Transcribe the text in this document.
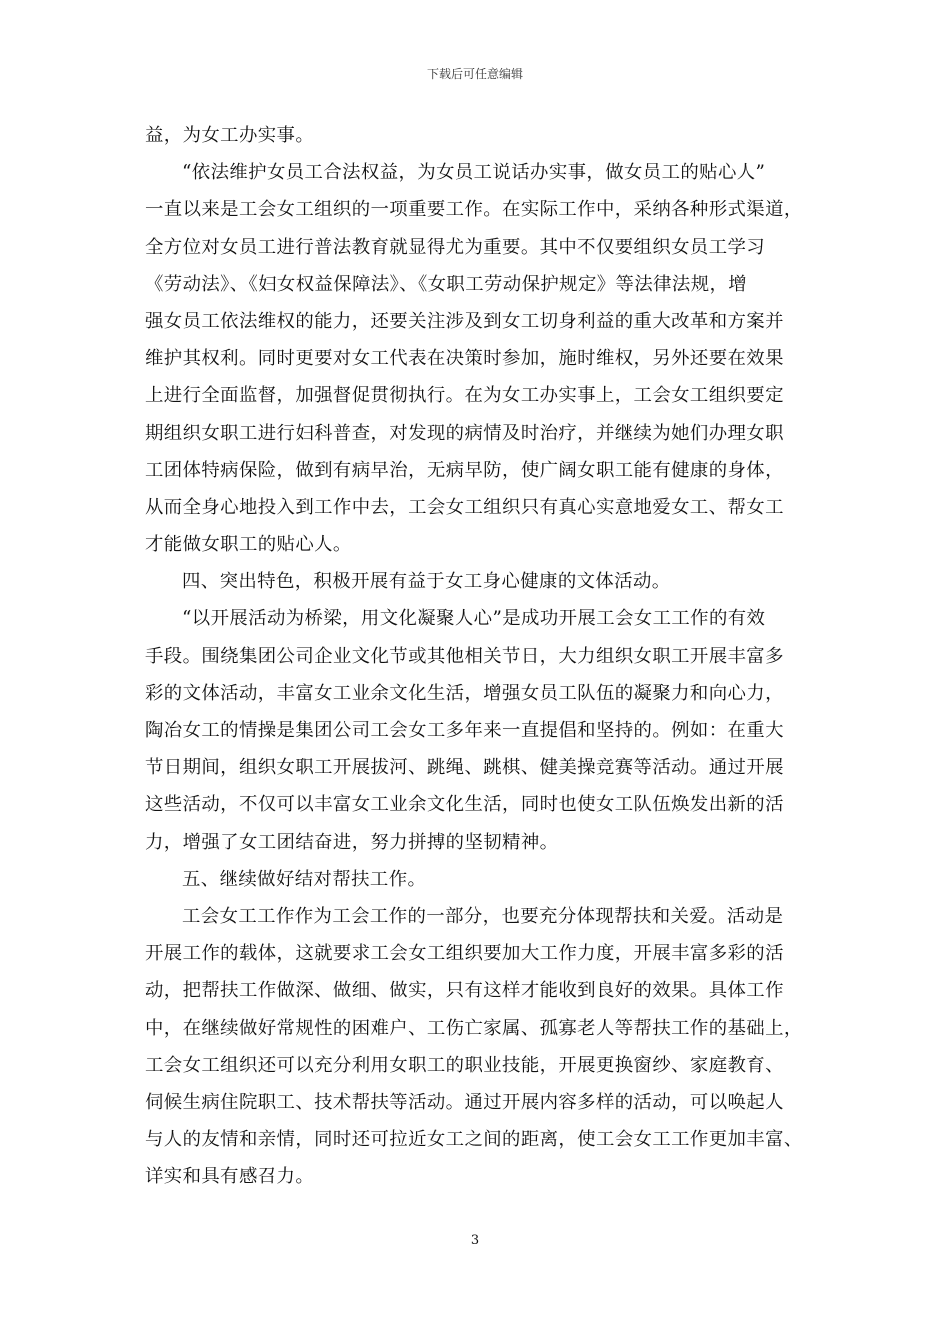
下载后可任意编辑
益，为女工办实事。
“依法维护女员工合法权益，为女员工说话办实事，做女员工的贴心人”
一直以来是工会女工组织的一项重要工作。在实际工作中，采纳各种形式渠道，
全方位对女员工进行普法教育就显得尤为重要。其中不仅要组织女员工学习
《劳动法》、《妇女权益保障法》、《女职工劳动保护规定》等法律法规，增
强女员工依法维权的能力，还要关注涉及到女工切身利益的重大改革和方案并
维护其权利。同时更要对女工代表在决策时参加，施时维权，另外还要在效果
上进行全面监督，加强督促贯彻执行。在为女工办实事上，工会女工组织要定
期组织女职工进行妇科普查，对发现的病情及时治疗，并继续为她们办理女职
工团体特病保险，做到有病早治，无病早防，使广阔女职工能有健康的身体，
从而全身心地投入到工作中去，工会女工组织只有真心实意地爱女工、帮女工
才能做女职工的贴心人。
四、突出特色，积极开展有益于女工身心健康的文体活动。
“以开展活动为桥梁，用文化凝聚人心”是成功开展工会女工工作的有效
手段。围绕集团公司企业文化节或其他相关节日，大力组织女职工开展丰富多
彩的文体活动，丰富女工业余文化生活，增强女员工队伍的凝聚力和向心力，
陶冶女工的情操是集团公司工会女工多年来一直提倡和坚持的。例如：在重大
节日期间，组织女职工开展拔河、跳绳、跳棋、健美操竞赛等活动。通过开展
这些活动，不仅可以丰富女工业余文化生活，同时也使女工队伍焕发出新的活
力，增强了女工团结奋进，努力拼搏的坚韧精神。
五、继续做好结对帮扶工作。
工会女工工作作为工会工作的一部分，也要充分体现帮扶和关爱。活动是
开展工作的载体，这就要求工会女工组织要加大工作力度，开展丰富多彩的活
动，把帮扶工作做深、做细、做实，只有这样才能收到良好的效果。具体工作
中，在继续做好常规性的困难户、工伤亡家属、孤寡老人等帮扶工作的基础上，
工会女工组织还可以充分利用女职工的职业技能，开展更换窗纱、家庭教育、
伺候生病住院职工、技术帮扶等活动。通过开展内容多样的活动，可以唤起人
与人的友情和亲情，同时还可拉近女工之间的距离，使工会女工工作更加丰富、
详实和具有感召力。
3
